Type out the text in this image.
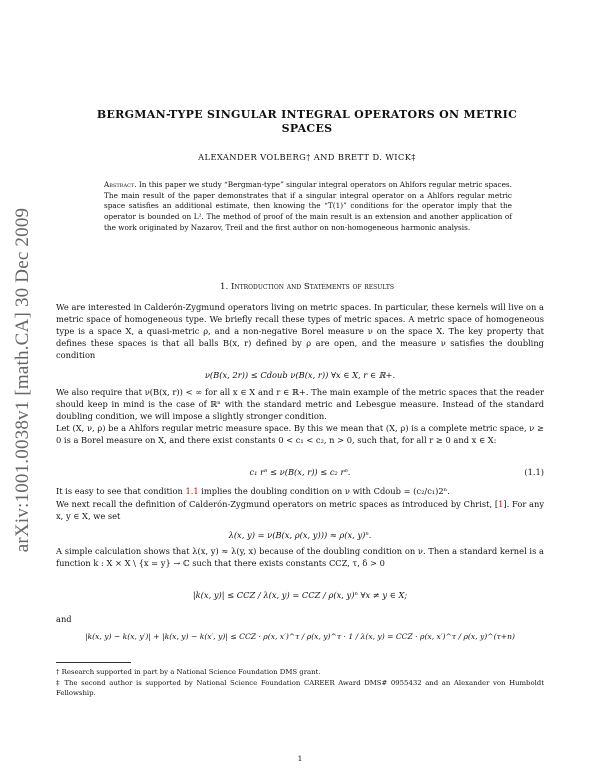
arXiv:1001.0038v1 [math.CA] 30 Dec 2009
BERGMAN-TYPE SINGULAR INTEGRAL OPERATORS ON METRIC SPACES
ALEXANDER VOLBERG† AND BRETT D. WICK‡
Abstract. In this paper we study “Bergman-type” singular integral operators on Ahlfors regular metric spaces. The main result of the paper demonstrates that if a singular integral operator on a Ahlfors regular metric space satisfies an additional estimate, then knowing the “T(1)” conditions for the operator imply that the operator is bounded on L². The method of proof of the main result is an extension and another application of the work originated by Nazarov, Treil and the first author on non-homogeneous harmonic analysis.
1. Introduction and Statements of results
We are interested in Calderón-Zygmund operators living on metric spaces. In particular, these kernels will live on a metric space of homogeneous type. We briefly recall these types of metric spaces. A metric space of homogeneous type is a space X, a quasi-metric ρ, and a non-negative Borel measure ν on the space X. The key property that defines these spaces is that all balls B(x, r) defined by ρ are open, and the measure ν satisfies the doubling condition
ν(B(x, 2r)) ≤ Cdoub ν(B(x, r)) ∀x ∈ X, r ∈ ℝ+.
We also require that ν(B(x, r)) < ∞ for all x ∈ X and r ∈ ℝ+. The main example of the metric spaces that the reader should keep in mind is the case of ℝⁿ with the standard metric and Lebesgue measure. Instead of the standard doubling condition, we will impose a slightly stronger condition.
Let (X, ν, ρ) be a Ahlfors regular metric measure space. By this we mean that (X, ρ) is a complete metric space, ν ≥ 0 is a Borel measure on X, and there exist constants 0 < c₁ < c₂, n > 0, such that, for all r ≥ 0 and x ∈ X:
c₁ rⁿ ≤ ν(B(x, r)) ≤ c₂ rⁿ.	(1.1)
It is easy to see that condition 1.1 implies the doubling condition on ν with Cdoub = (c₂/c₁)2ⁿ.
We next recall the definition of Calderón-Zygmund operators on metric spaces as introduced by Christ, [1]. For any x, y ∈ X, we set
λ(x, y) = ν(B(x, ρ(x, y))) ≈ ρ(x, y)ⁿ.
A simple calculation shows that λ(x, y) ≈ λ(y, x) because of the doubling condition on ν. Then a standard kernel is a function k : X × X \ {x = y} → ℂ such that there exists constants CCZ, τ, δ > 0
|k(x, y)| ≤ CCZ / λ(x, y) = CCZ / ρ(x, y)ⁿ ∀x ≠ y ∈ X;
and
|k(x, y) − k(x, y′)| + |k(x, y) − k(x′, y)| ≤ CCZ · ρ(x, x′)^τ / ρ(x, y)^τ · 1 / λ(x, y) = CCZ · ρ(x, x′)^τ / ρ(x, y)^(τ+n)
† Research supported in part by a National Science Foundation DMS grant.
‡ The second author is supported by National Science Foundation CAREER Award DMS# 0955432 and an Alexander von Humboldt Fellowship.
1
